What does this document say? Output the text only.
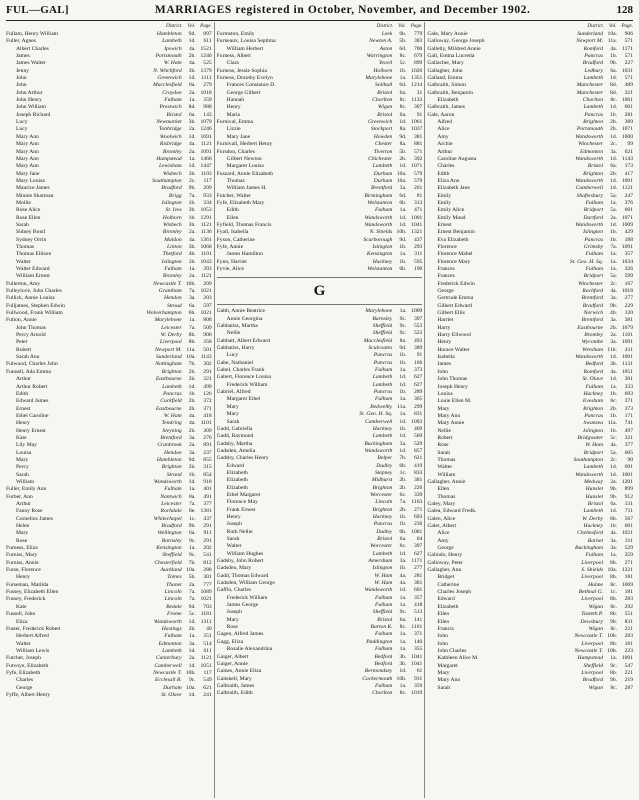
FUL—GAL]	MARRIAGES registered in October, November, and December 1902.	128
District. Vol. Page.
Fullam, Henry William	Hambleton	9d.	897
Fuller, Agnes	Lambeth	1d.	611
Albert Charles	Ipswich	4a. 1521
James	Portsmouth	2b. 1246
James Walter	W. Ham	4a.	525
Jenny	N. Witchford	3b. 1379
John	Greenwich	1d. 1111
John	Macclesfield	8a.	279
John Arthur	Croydon	2a. 1018
John Henry	Fulham	1a.	359
John William	Prestwich	8d.	988
Joseph Richard	Bristol	6a.	143
Lucy	Newmarket	3b. 1079
Lucy	Tonbridge	2a. 1246
Mary Ann	Woolwich	1d. 1691
Mary Ann	Risbridge	4a. 1121
Mary Ann	Bromley	2a. 1091
Mary Ann	Hampstead	1a. 1466
Mary Ann	Lewisham	1d. 1447
Mary Jane	Wisbech	3b. 1103
Mary Louisa	Southampton	2c.	117
Maurice James	Bradford	9b.	209
Minnie Sharman	Brigg	7a.	933
Mollie	Islington	1b.	334
Rose Alice	St. Ives	3b. 1053
Rose Ellen	Holborn	1b. 1291
Sarah	Wisbech	3b. 1121
Sidney Bond	Bromley	2a. 1136
Sydney Orrin	Maldon	4a. 1361
Thomas	Linton	3b. 1068
Thomas Ellison	Thetford	4b. 1101
Walter	Islington	1b. 1043
Walter Edward	Fulham	1a.	393
William Ernest	Bromley	2a. 1121
Fullerton, Amy	Newcastle T. 10b.	209
Fulleylove, John Charles	Grantham	7a. 1021
Fullick, Annie Louisa	Hendon	3a.	203
Fulljames, Stephen Edwin	Stroud	6a.	597
Fullwood, Frank William	Wolverhampton	6b. 1021
Fulton, Annie	Marylebone	1a.	808
John Thomas	Leicester	7a.	509
Percy Arnold	W. Derby	8b.	906
Peter	Liverpool	8b.	358
Robert	Newport M. 11a.	501
Sarah Ann	Sunderland 10a. 1143
Fulwood, Charles John	Nottingham	7b.	302
Funnell, Ada Emma	Brighton	2b.	291
Arthur	Eastbourne	2b.	321
Arthur Robert	Lambeth	1d.	499
Edith	Pancras	1b.	126
Edward James	Cuckfield	2b.	372
Ernest	Eastbourne	2b.	371
Ethel Caroline	W. Ham	4a.	418
Henry	Tendring	4a. 1101
Henry Ernest	Steyning	2b.	309
Kate	Brentford	3a.	276
Lily May	Cranbrook	2a.	891
Louisa	Hendon	3a.	237
Mary	Hambleton	9d.	855
Percy	Brighton	2b.	315
Sarah	Strand	1b.	854
William	Wandsworth	1d.	918
Fuller, Emily Ann	Fulham	1a.	401
Furber, Ann	Nantwich	8a.	491
Arthur	Leicester	7a.	377
Fanny Rose	Rochdale	8e. 1381
Cornelius James	Whitechapel	1c.	437
Helen	Bradford	9b.	291
Mary	Wellington	6a.	911
Rose	Barnsley	9c.	291
Furness, Eliza	Kensington	1a.	202
Furniss, Mary	Sheffield	9c.	541
Furniss, Annie	Chesterfield	7b.	812
Furse, Florence	Auckland 10a.	288
Henry	Totnes	5b.	301
Furseman, Matilda	Thanet	2a.	777
Fussey, Elizabeth Ellen	Lincoln	7a. 1089
Fussey, Frederick	Lincoln	7a. 1021
Kate	Bedale	9d.	703
Fussell, John	Frome	5c. 1181
Eliza	Wandsworth	1d. 1311
Fuster, Frederick Robert	Hastings	2b.	40
Herbert Alfred	Fulham	1a.	351
Walter	Edmonton	3a.	514
William Lewis	Lambeth	1d.	611
Futcher, Joseph	Canterbury	2a. 1121
Futvoye, Elizabeth	Camberwell	1d. 1051
Fyfe, Elizabeth	Newcastle T. 10b.	117
Charles	Ecclesall B.	9c.	549
George	Durham 10a.	621
Fyffe, Albert Henry	St. Olave	1d.	241
District. Vol. Page.
Furmston, Emily	Leek	6b.	779
Furneaux, Louisa Septima	Newton A.	5b.	383
William Herbert	Aston	6d.	700
Furness, Albert	Warrington	8c.	679
Clara	Yeovil	5c.	899
Furness, Jessie Sophia	Holborn	1b. 1026
Furness, Dorothy Evelyn	Marylebone	1a. 1351
Frances Constance D.	Solihull	6d. 1214
George Gilbert	Bristol	6a.	31
Hannah	Chorlton	8c. 1133
Henry	Wigan	8c.	307
Maria	Bristol	6a.	91
Furnival, Emma	Greenwich	1d. 1061
Lizzie	Stockport	8a. 1037
Mary Jane	Howden	9d.	381
Furnivall, Herbert Henry	Chester	8a.	881
Fursdon, Charles	Tiverton	5b.	571
Gilbert Newton	Chichester	2b.	392
Margaret Louisa	Lambeth	1d. 1071
Fuszard, Annie Elizabeth	Durham 10a.	579
Thomas	Durham 10a.	579
William James H.	Brentford	3a.	261
Futcher, Walter	Birmingham	6d.	81
Fyfe, Elizabeth Mary	Wolstanton	6b.	313
Edith	Fulham	1a.	471
Ellen	Wandsworth	1d. 1001
Fyfield, Thomas Francis	Wandsworth	1d. 1041
Fyall, Isabella	N. Shields 10b. 1321
Fyson, Catherine	Scarborough	9d.	437
Fyfe, Annie	Islington	1b.	293
James Hamilton	Kensington	1a.	311
Fynn, Harriet	Hackney	1b.	595
Fyvie, Alice	Wolstanton	6b.	190
G
Gabb, Annie Beatrice	Marylebone	1a. 1009
Annie Georgina	Barnsley	9c.	397
Gabbatiss, Martha	Sheffield	9c.	553
Nellie	Sheffield	9c.	523
Gabbatt, Albert Edward	Macclesfield	8a.	493
Gabbatiss, Harry	Sculcoates	9d.	389
Lucy	Pancras	1b.	91
Gabe, Nathaniel	Pancras	1b.	166
Gabel, Charles Frank	Fulham	1a.	373
Gabert, Florence Louisa	Lambeth	1d.	627
Frederick William	Lambeth	1d.	627
Gabriel, Alfred	Pancras	1b.	289
Margaret Ethel	Fulham	1a.	365
Mary	Bedwellty 11a.	299
Mary	St. Geo. H. Sq.	1a.	831
Sarah	Camberwell	1d. 1093
Gadd, Gabriella	Hackney	1b.	469
Gadd, Raymond	Lambeth	1d.	569
Gadsby, Martha	Buckingham	3a.	529
Gadsden, Amelia	Wandsworth	1d.	857
Gadsby, Charles Henry	Belper	7b.	621
Edward	Dudley	6b.	419
Elizabeth	Stepney	1c.	833
Elizabeth	Midhurst	2b.	381
Elizabeth	Brighton	2b.	226
Ethel Margaret	Worcester	6c.	339
Florence May	Lincoln	7a. 1163
Frank Ernest	Brighton	2b.	271
Henry	Hackney	1b.	693
Joseph	Pancras	1b.	236
Ruth Nellie	Dudley	6b. 1081
Sarah	Bristol	6a.	64
Walter	Worcester	6c.	397
William Hughes	Lambeth	1d.	627
Gadsby, John Robert	Amersham	3a. 1171
Gadsden, Mary	Islington	1b.	277
Gadd, Thomas Edward	W. Ham	4a.	281
Gadsden, William George	W. Ham	4a.	381
Gaffin, Charles	Wandsworth	1d.	601
Frederick William	Fulham	1a.	357
James George	Fulham	1a.	418
Joseph	Sheffield	9c.	513
Mary	Bristol	6a.	141
Rose	Barton R.	8c. 1161
Gagen, Alfred James	Fulham	1a.	371
Gagg, Eliza	Paddington	1a.	140
Rosalie Alexandrina	Fulham	1a.	355
Gaiger, Albert	Bedford	3b. 1041
Gaiger, Annie	Bedford	3b. 1041
Gaines, Annie Eliza	Bermondsey	1d.	61
Gaitskell, Mary	Cockermouth 10b.	931
Galbraith, James	Fulham	1a.	359
Galbraith, Edith	Chorlton	8c. 1019
District. Vol. Page.
Gale, Mary Annie	Sunderland 10a.	906
Galloway, George Joseph	Newport M. 11a.	571
Galletly, Mildred Annie	Romford	4a. 1171
Gall, Emma Lucretia	Pancras	1b.	571
Gallacher, Mary	Bradford	9b.	227
Gallagher, John	Ledbury	6a. 1031
Galland, Emma	Lambeth	1d.	571
Galbraith, Simon	Manchester	8d.	489
Galbraith, Benjamin	Manchester	8d.	321
Elizabeth	Chorlton	8c. 1061
Galbraith, James	Lambeth	1d.	661
Gale, Aaron	Pancras	1b.	281
Alfred	Brighton	2b.	389
Alice	Portsmouth	2b. 1071
Amy	Wandsworth	1d. 1000
Archie	Winchester	2c.	99
Arthur	Edmonton	3a.	621
Caroline Augusta	Wandsworth	1d. 1143
Charles	Bristol	6a.	173
Edith	Brighton	2b.	417
Eliza Ann	Wandsworth	1d. 1001
Elizabeth Jane	Camberwell	1d. 1121
Emily	Shaftesbury	5a.	247
Emily	Fulham	1a.	376
Emily Alice	Bridport	5a.	601
Emily Maud	Dartford	2a. 1071
Ernest	Wandsworth	1d. 1009
Ernest Benjamin	Islington	1b.	429
Eva Elizabeth	Pancras	1b.	188
Florence	Grimsby	7a. 1091
Florence Mabel	Fulham	1a.	357
Florence Mary	St. Geo. H. Sq.	1a. 1034
Frances	Fulham	1a.	326
Frances	Bridport	5a.	599
Frederick Edwin	Winchester	2c.	167
George	Rochford	4a. 1018
Gertrude Emma	Brentford	3a.	277
Gilbert Edward	Bradford	9b.	229
Gilbert Ellis	Norwich	4b.	120
Harriet	Brentford	3a.	381
Harry	Eastbourne	2b. 1079
Harry Ellwood	Bromley	2a. 1101
Henry	Wycombe	3a. 1091
Horace Walter	Wrexham 11b.	411
Isabella	Wandsworth	1d. 1001
James	Bedford	3b. 1131
John	Romford	4a. 1051
John Thomas	St. Olave	1d.	301
Joseph Henry	Fulham	1a.	333
Louisa	Hackney	1b.	693
Louie Ellen M.	Evesham	6c.	371
Mary	Brighton	2b.	373
Mary Ann	Pancras	1b.	171
Mary Annie	Swansea 11a.	741
Nellie	Islington	1b.	497
Robert	Bridgwater	5c.	321
Rose	W. Ham	4a.	377
Sarah	Bridport	5a.	605
Thomas	Southampton	2c.	90
Walter	Lambeth	1d.	691
William	Wandsworth	1d. 1001
Gallagher, Annie	Medway	2a. 1201
Ellen	Hunslet	9b.	899
Thomas	Hunslet	9b.	912
Galey, Mary	Bristol	6a.	131
Galea, Edward Fredk.	Lambeth	1d.	711
Galen, Alice	W. Derby	8b.	567
Galer, Albert	Hackney	1b.	601
Alice	Chelmsford	4a. 1021
Amy	Barnet	3a.	311
George	Buckingham	3a.	529
Galindo, Henry	Fulham	1a.	359
Galloway, Peter	Liverpool	8b.	271
Gallagher, Ann	S. Shields 10a. 1221
Bridget	Liverpool	8b.	181
Catherine	Hulme	8c. 1069
Charles Joseph	Bethnal G.	1c.	181
Edward	Liverpool	8b.	283
Elizabeth	Wigan	8c.	292
Ellen	Toxteth P.	8b.	551
Ellen	Dewsbury	9b.	831
Francis	Wigan	8c.	221
John	Newcastle T. 10b.	283
John	Liverpool	8b.	181
John Charles	Newcastle T. 10b.	223
Kathleen Alice M.	Hampstead	1a. 1001
Margaret	Sheffield	9c.	547
Mary	Liverpool	8b.	221
Mary Ann	Bradford	9b.	219
Sarah	Wigan	8c.	287
